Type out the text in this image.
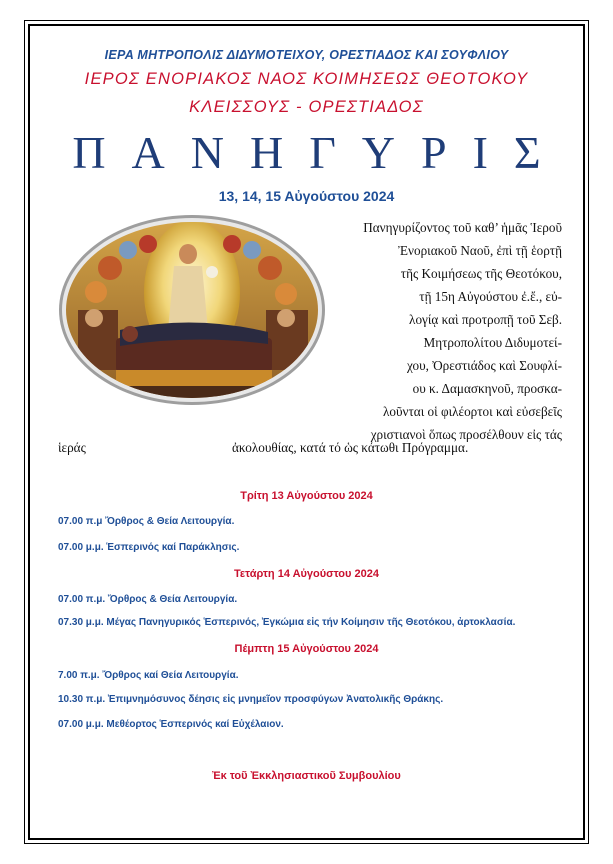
ΙΕΡΑ ΜΗΤΡΟΠΟΛΙΣ ΔΙΔΥΜΟΤΕΙΧΟΥ, ΟΡΕΣΤΙΑΔΟΣ ΚΑΙ ΣΟΥΦΛΙΟΥ
ΙΕΡΟΣ ΕΝΟΡΙΑΚΟΣ ΝΑΟΣ ΚΟΙΜΗΣΕΩΣ ΘΕΟΤΟΚΟΥ
ΚΛΕΙΣΣΟΥΣ - ΟΡΕΣΤΙΑΔΟΣ
ΠΑΝΗΓΥΡΙΣ
13, 14, 15 Αὐγούστου 2024
Πανηγυρίζοντος τοῦ καθ’ ἡμᾶς Ἱεροῦ
Ἐνοριακοῦ Ναοῦ, ἐπὶ τῇ ἑορτῇ
τῆς Κοιμήσεως τῆς Θεοτόκου,
τῇ 15η Αὐγούστου ἐ.ἔ., εὐ-
λογίᾳ καὶ προτροπῇ τοῦ Σεβ.
Μητροπολίτου Διδυμοτεί-
χου, Ὀρεστιάδος καὶ Σουφλί-
ου κ. Δαμασκηνοῦ, προσκα-
λοῦνται οἱ φιλέορτοι καὶ εὐσεβεῖς
χριστιανοὶ ὅπως προσέλθουν εἰς τάς
ἱεράς	ἀκολουθίας, κατά τό ὡς κάτωθι Πρόγραμμα.
Τρίτη 13 Αὐγούστου 2024
07.00 π.μ Ὄρθρος & Θεία Λειτουργία.
07.00 μ.μ. Ἑσπερινός καί Παράκλησις.
Τετάρτη 14 Αὐγούστου 2024
07.00 π.μ. Ὄρθρος & Θεία Λειτουργία.
07.30 μ.μ. Μέγας Πανηγυρικός Ἑσπερινός, Ἐγκώμια εἰς τήν Κοίμησιν τῆς Θεοτόκου, ἀρτοκλασία.
Πέμπτη 15 Αὐγούστου 2024
7.00 π.μ. Ὄρθρος καί Θεία Λειτουργία.
10.30 π.μ. Ἐπιμνημόσυνος δέησις εἰς μνημεῖον προσφύγων Ἀνατολικῆς Θράκης.
07.00 μ.μ. Μεθέορτος Ἑσπερινός καί Εὐχέλαιον.
Ἐκ τοῦ Ἐκκλησιαστικοῦ Συμβουλίου
